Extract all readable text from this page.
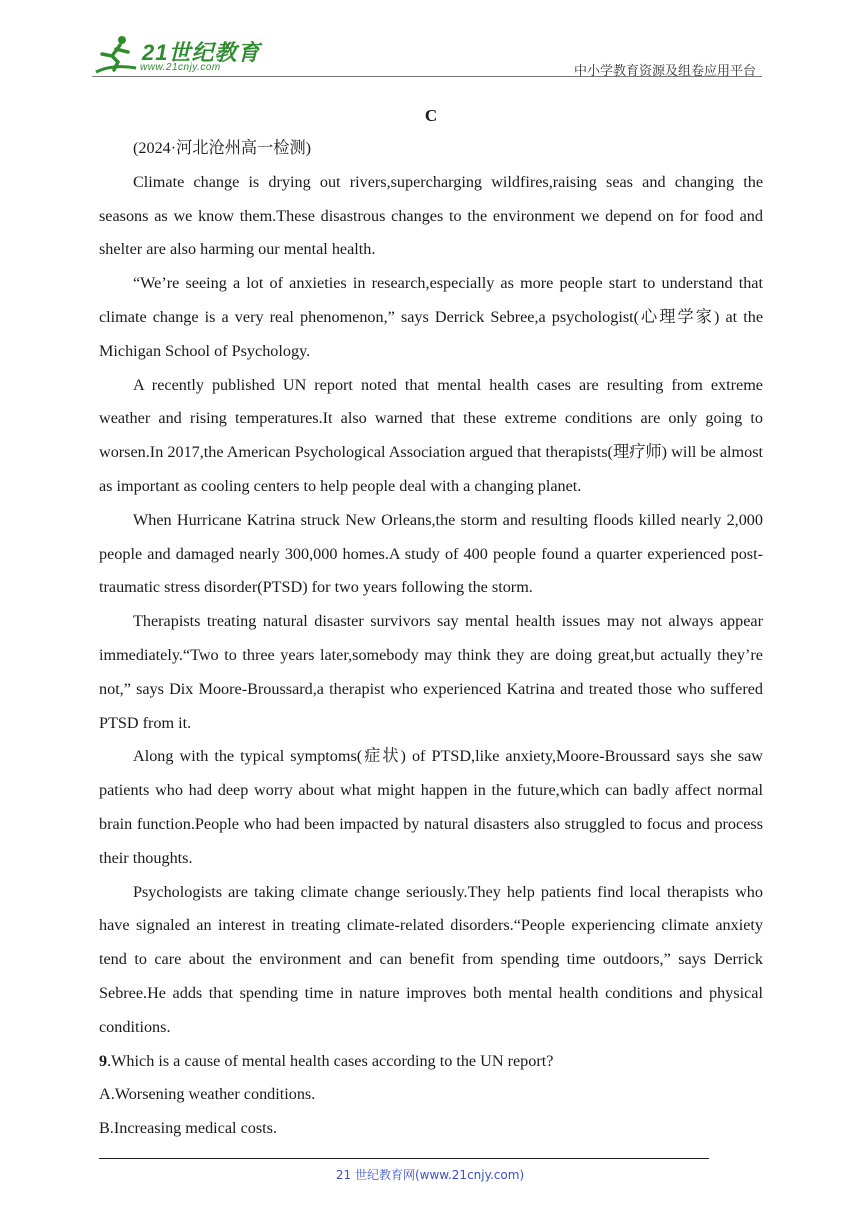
21世纪教育
www.21cnjy.com	中小学教育资源及组卷应用平台

C

(2024·河北沧州高一检测)

Climate change is drying out rivers,supercharging wildfires,raising seas and changing the seasons as we know them.These disastrous changes to the environment we depend on for food and shelter are also harming our mental health.

“We’re seeing a lot of anxieties in research,especially as more people start to understand that climate change is a very real phenomenon,” says Derrick Sebree,a psychologist(心理学家) at the Michigan School of Psychology.

A recently published UN report noted that mental health cases are resulting from extreme weather and rising temperatures.It also warned that these extreme conditions are only going to worsen.In 2017,the American Psychological Association argued that therapists(理疗师) will be almost as important as cooling centers to help people deal with a changing planet.

When Hurricane Katrina struck New Orleans,the storm and resulting floods killed nearly 2,000 people and damaged nearly 300,000 homes.A study of 400 people found a quarter experienced post-traumatic stress disorder(PTSD) for two years following the storm.

Therapists treating natural disaster survivors say mental health issues may not always appear immediately.“Two to three years later,somebody may think they are doing great,but actually they’re not,” says Dix Moore-Broussard,a therapist who experienced Katrina and treated those who suffered PTSD from it.

Along with the typical symptoms(症状) of PTSD,like anxiety,Moore-Broussard says she saw patients who had deep worry about what might happen in the future,which can badly affect normal brain function.People who had been impacted by natural disasters also struggled to focus and process their thoughts.

Psychologists are taking climate change seriously.They help patients find local therapists who have signaled an interest in treating climate-related disorders.“People experiencing climate anxiety tend to care about the environment and can benefit from spending time outdoors,” says Derrick Sebree.He adds that spending time in nature improves both mental health conditions and physical conditions.

9.Which is a cause of mental health cases according to the UN report?

A.Worsening weather conditions.

B.Increasing medical costs.

21 世纪教育网(www.21cnjy.com)
